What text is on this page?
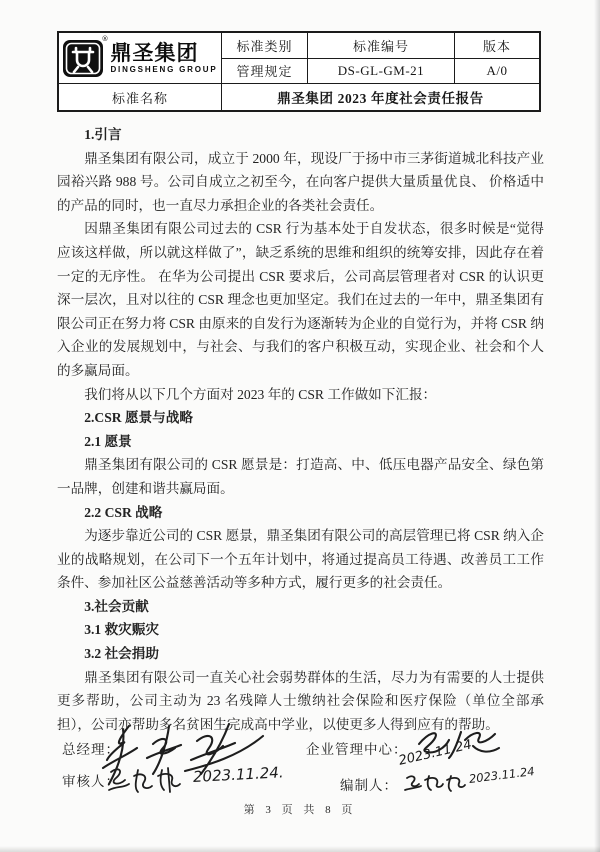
®
鼎圣集团
DINGSHENG GROUP
标准类别	标准编号	版本
管理规定	DS-GL-GM-21	A/0
标准名称	鼎圣集团 2023 年度社会责任报告

1.引言

鼎圣集团有限公司，成立于 2000 年，现设厂于扬中市三茅街道城北科技产业园裕兴路 988 号。公司自成立之初至今，在向客户提供大量质量优良、 价格适中的产品的同时，也一直尽力承担企业的各类社会责任。

因鼎圣集团有限公司过去的 CSR 行为基本处于自发状态，很多时候是“觉得应该这样做，所以就这样做了”，缺乏系统的思维和组织的统筹安排，因此存在着一定的无序性。 在华为公司提出 CSR 要求后，公司高层管理者对 CSR 的认识更深一层次，且对以往的 CSR 理念也更加坚定。我们在过去的一年中，鼎圣集团有限公司正在努力将 CSR 由原来的自发行为逐渐转为企业的自觉行为，并将 CSR 纳入企业的发展规划中，与社会、与我们的客户积极互动，实现企业、社会和个人的多赢局面。

我们将从以下几个方面对 2023 年的 CSR 工作做如下汇报：

2.CSR 愿景与战略

2.1 愿景

鼎圣集团有限公司的 CSR 愿景是：打造高、中、低压电器产品安全、绿色第一品牌，创建和谐共赢局面。

2.2 CSR 战略

为逐步靠近公司的 CSR 愿景，鼎圣集团有限公司的高层管理已将 CSR 纳入企业的战略规划，在公司下一个五年计划中，将通过提高员工待遇、改善员工工作条件、参加社区公益慈善活动等多种方式，履行更多的社会责任。

3.社会贡献

3.1 救灾赈灾

3.2 社会捐助

鼎圣集团有限公司一直关心社会弱势群体的生活，尽力为有需要的人士提供更多帮助，公司主动为 23 名残障人士缴纳社会保险和医疗保险（单位全部承担），公司亦帮助多名贫困生完成高中学业，以使更多人得到应有的帮助。

总经理：
审核人：	2023.11.24.
企业管理中心：
2023.11.24
编制人：	2023.11.24
第 3 页 共 8 页
